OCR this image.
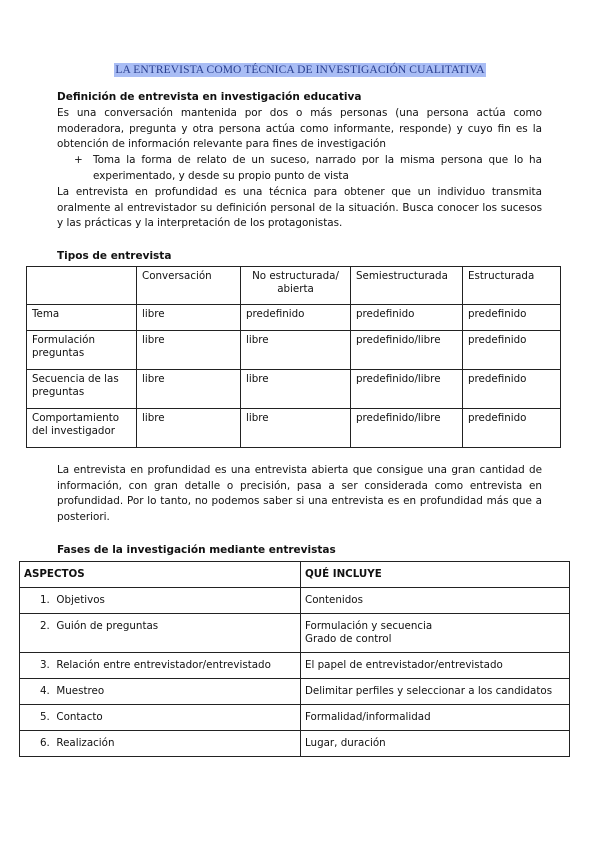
LA ENTREVISTA COMO TÉCNICA DE INVESTIGACIÓN CUALITATIVA
Definición de entrevista en investigación educativa
Es una conversación mantenida por dos o más personas (una persona actúa como moderadora, pregunta y otra persona actúa como informante, responde) y cuyo fin es la obtención de información relevante para fines de investigación
+ Toma la forma de relato de un suceso, narrado por la misma persona que lo ha experimentado, y desde su propio punto de vista
La entrevista en profundidad es una técnica para obtener que un individuo transmita oralmente al entrevistador su definición personal de la situación. Busca conocer los sucesos y las prácticas y la interpretación de los protagonistas.
Tipos de entrevista
	Conversación	No estructurada/ abierta	Semiestructurada	Estructurada
Tema	libre	predefinido	predefinido	predefinido
Formulación preguntas	libre	libre	predefinido/libre	predefinido
Secuencia de las preguntas	libre	libre	predefinido/libre	predefinido
Comportamiento del investigador	libre	libre	predefinido/libre	predefinido
La entrevista en profundidad es una entrevista abierta que consigue una gran cantidad de información, con gran detalle o precisión, pasa a ser considerada como entrevista en profundidad. Por lo tanto, no podemos saber si una entrevista es en profundidad más que a posteriori.
Fases de la investigación mediante entrevistas
ASPECTOS	QUÉ INCLUYE
1. Objetivos	Contenidos
2. Guión de preguntas	Formulación y secuencia
Grado de control

3. Relación entre entrevistador/entrevistado	El papel de entrevistador/entrevistado
4. Muestreo	Delimitar perfiles y seleccionar a los candidatos
5. Contacto	Formalidad/informalidad
6. Realización	Lugar, duración
